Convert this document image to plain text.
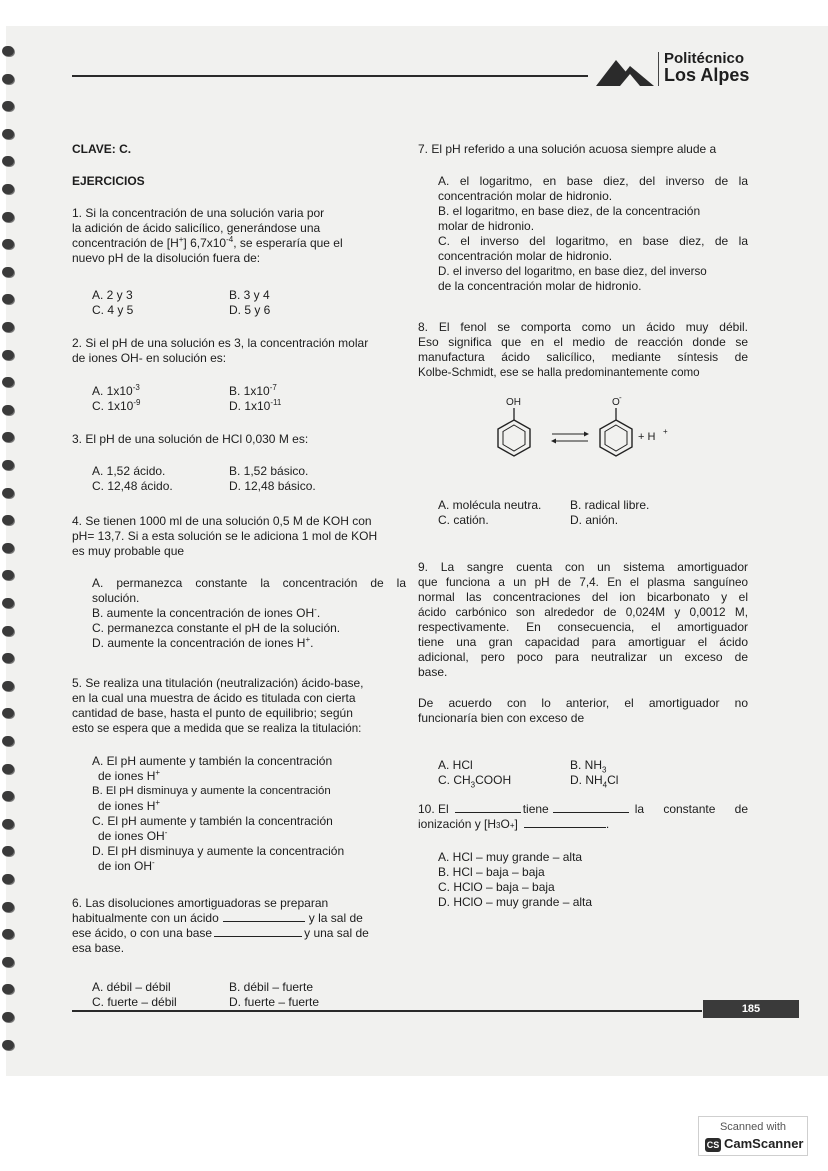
Politécnico
Los Alpes
CLAVE: C.
EJERCICIOS
1. Si la concentración de una solución varia por
la adición de ácido salicílico, generándose una
concentración de [H+] $6,7x10^{-4}$, se esperaría que el
nuevo pH de la disolución fuera de:
A. 2 y 3	B. 3 y 4
C. 4 y 5	D. 5 y 6
2. Si el pH de una solución es 3, la concentración molar
de iones OH- en solución es:
A. $1x10^{-3}$	B. $1x10^{-7}$
C. $1x10^{-9}$	D. $1x10^{-11}$
3. El pH de una solución de HCl 0,030 M es:
A. 1,52 ácido.	B. 1,52 básico.
C. 12,48 ácido.	D. 12,48 básico.
4. Se tienen 1000 ml de una solución 0,5 M de KOH con
pH= 13,7. Si a esta solución se le adiciona 1 mol de KOH
es muy probable que
A. permanezca constante la concentración de la
solución.
B. aumente la concentración de iones OH-.
C. permanezca constante el pH de la solución.
D. aumente la concentración de iones H+.
5. Se realiza una titulación (neutralización) ácido-base,
en la cual una muestra de ácido es titulada con cierta
cantidad de base, hasta el punto de equilibrio; según
esto se espera que a medida que se realiza la titulación:
A. El pH aumente y también la concentración
de iones H+
B. El pH disminuya y aumente la concentración
de iones H+
C. El pH aumente y también la concentración
de iones OH-
D. El pH disminuya y aumente la concentración
de ion OH-
6. Las disoluciones amortiguadoras se preparan
habitualmente con un ácido	y la sal de
ese ácido, o con una base	y una sal de
esa base.
A. débil – débil	B. débil – fuerte
C. fuerte – débil	D. fuerte – fuerte
7. El pH referido a una solución acuosa siempre alude a
A. el logaritmo, en base diez, del inverso de la
concentración molar de hidronio.
B. el logaritmo, en base diez, de la concentración
molar de hidronio.
C. el inverso del logaritmo, en base diez, de la
concentración molar de hidronio.
D. el inverso del logaritmo, en base diez, del inverso
de la concentración molar de hidronio.
8. El fenol se comporta como un ácido muy débil.
Eso significa que en el medio de reacción donde se
manufactura ácido salicílico, mediante síntesis de
Kolbe-Schmidt, ese se halla predominantemente como
OH	O -
+ H +
A. molécula neutra.	B. radical libre.
C. catión.	D. anión.
9. La sangre cuenta con un sistema amortiguador
que funciona a un pH de 7,4. En el plasma sanguíneo
normal las concentraciones del ion bicarbonato y el
ácido carbónico son alrededor de 0,024M y 0,0012 M,
respectivamente. En consecuencia, el amortiguador
tiene una gran capacidad para amortiguar el ácido
adicional, pero poco para neutralizar un exceso de
base.
De acuerdo con lo anterior, el amortiguador no
funcionaría bien con exceso de
A. HCl	B. $NH_3$
C. $CH_3COOH$	D. $NH_4Cl$
10.
El	tiene	la constante de
ionización y [H 3 O + ]	.
A. HCl – muy grande – alta
B. HCl – baja – baja
C. HClO – baja – baja
D. HClO – muy grande – alta
185
Scanned with
CS CamScanner
